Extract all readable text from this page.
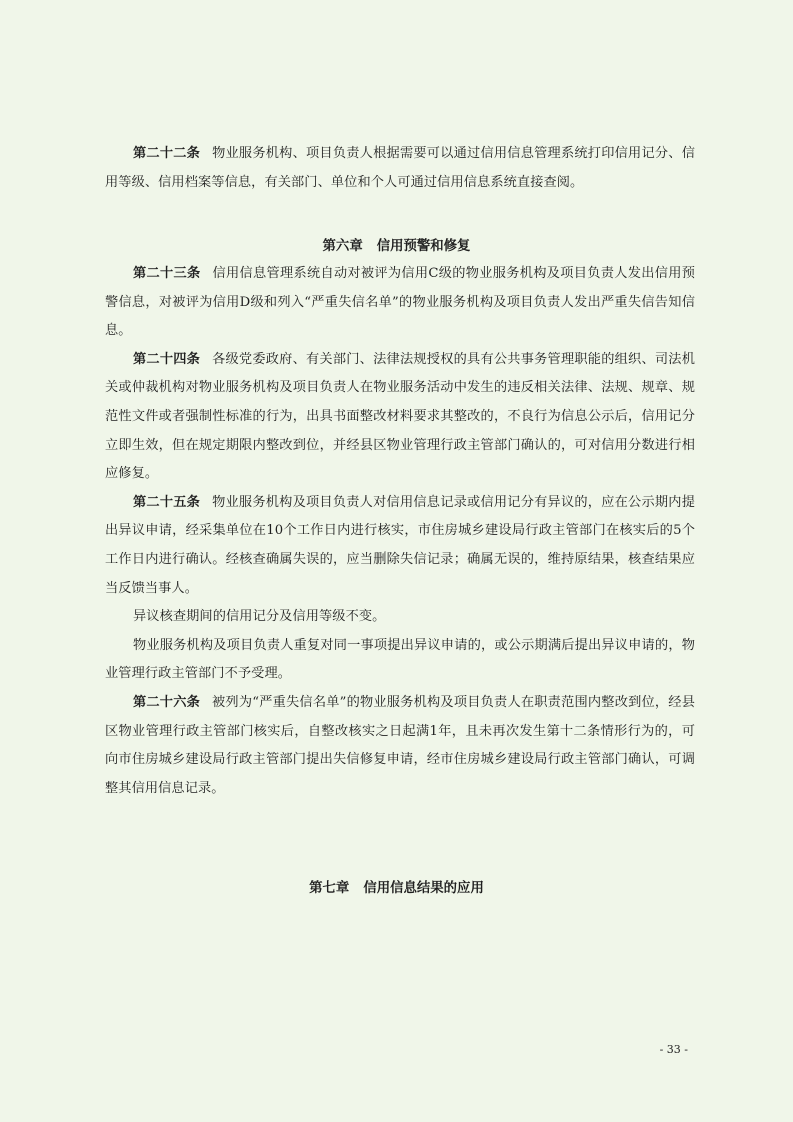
第二十二条 物业服务机构、项目负责人根据需要可以通过信用信息管理系统打印信用记分、信用等级、信用档案等信息，有关部门、单位和个人可通过信用信息系统直接查阅。

第六章 信用预警和修复

第二十三条 信用信息管理系统自动对被评为信用C级的物业服务机构及项目负责人发出信用预警信息，对被评为信用D级和列入“严重失信名单”的物业服务机构及项目负责人发出严重失信告知信息。

第二十四条 各级党委政府、有关部门、法律法规授权的具有公共事务管理职能的组织、司法机关或仲裁机构对物业服务机构及项目负责人在物业服务活动中发生的违反相关法律、法规、规章、规范性文件或者强制性标准的行为，出具书面整改材料要求其整改的，不良行为信息公示后，信用记分立即生效，但在规定期限内整改到位，并经县区物业管理行政主管部门确认的，可对信用分数进行相应修复。

第二十五条 物业服务机构及项目负责人对信用信息记录或信用记分有异议的，应在公示期内提出异议申请，经采集单位在10个工作日内进行核实，市住房城乡建设局行政主管部门在核实后的5个工作日内进行确认。经核查确属失误的，应当删除失信记录；确属无误的，维持原结果，核查结果应当反馈当事人。

异议核查期间的信用记分及信用等级不变。

物业服务机构及项目负责人重复对同一事项提出异议申请的，或公示期满后提出异议申请的，物业管理行政主管部门不予受理。

第二十六条 被列为“严重失信名单”的物业服务机构及项目负责人在职责范围内整改到位，经县区物业管理行政主管部门核实后，自整改核实之日起满1年，且未再次发生第十二条情形行为的，可向市住房城乡建设局行政主管部门提出失信修复申请，经市住房城乡建设局行政主管部门确认，可调整其信用信息记录。

第七章 信用信息结果的应用

- 33 -
